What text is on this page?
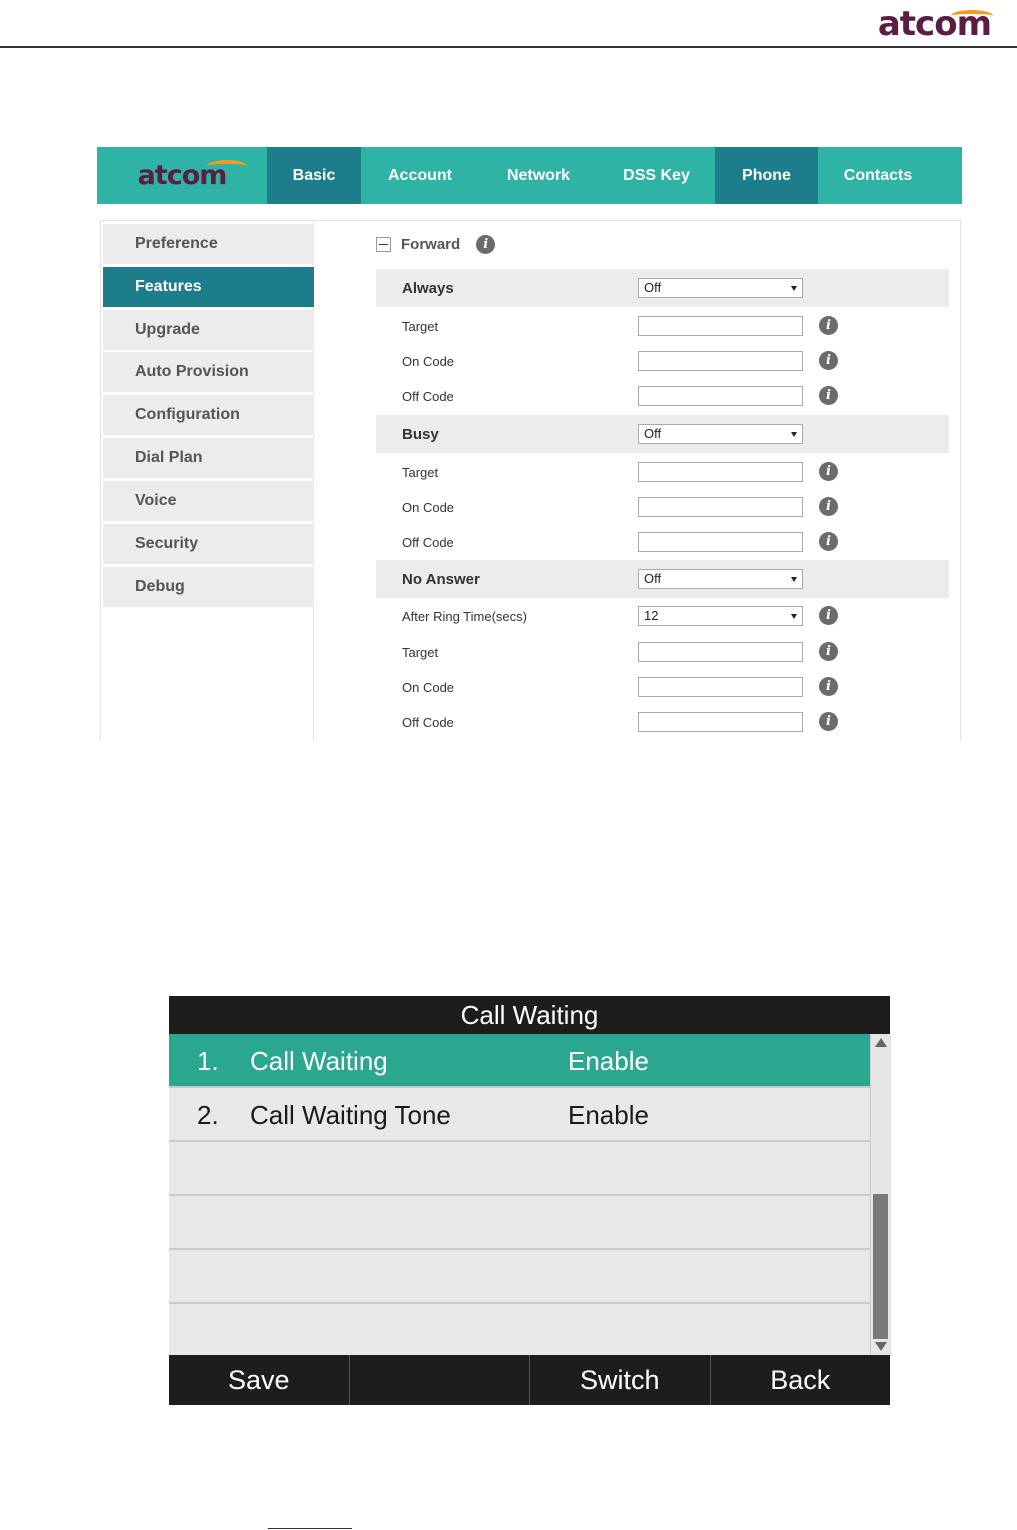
atcom
atcom	Basic	Account	Network	DSS Key	Phone	Contacts
Preference
Features
Upgrade
Auto Provision
Configuration
Dial Plan
Voice
Security
Debug
Forward	i
Always	Off
Target	i
On Code	i
Off Code	i
Busy	Off
Target	i
On Code	i
Off Code	i
No Answer	Off
After Ring Time(secs)	12	i
Target	i
On Code	i
Off Code	i
Call Waiting
1. Call Waiting	Enable
2. Call Waiting Tone	Enable
Save	Switch	Back
